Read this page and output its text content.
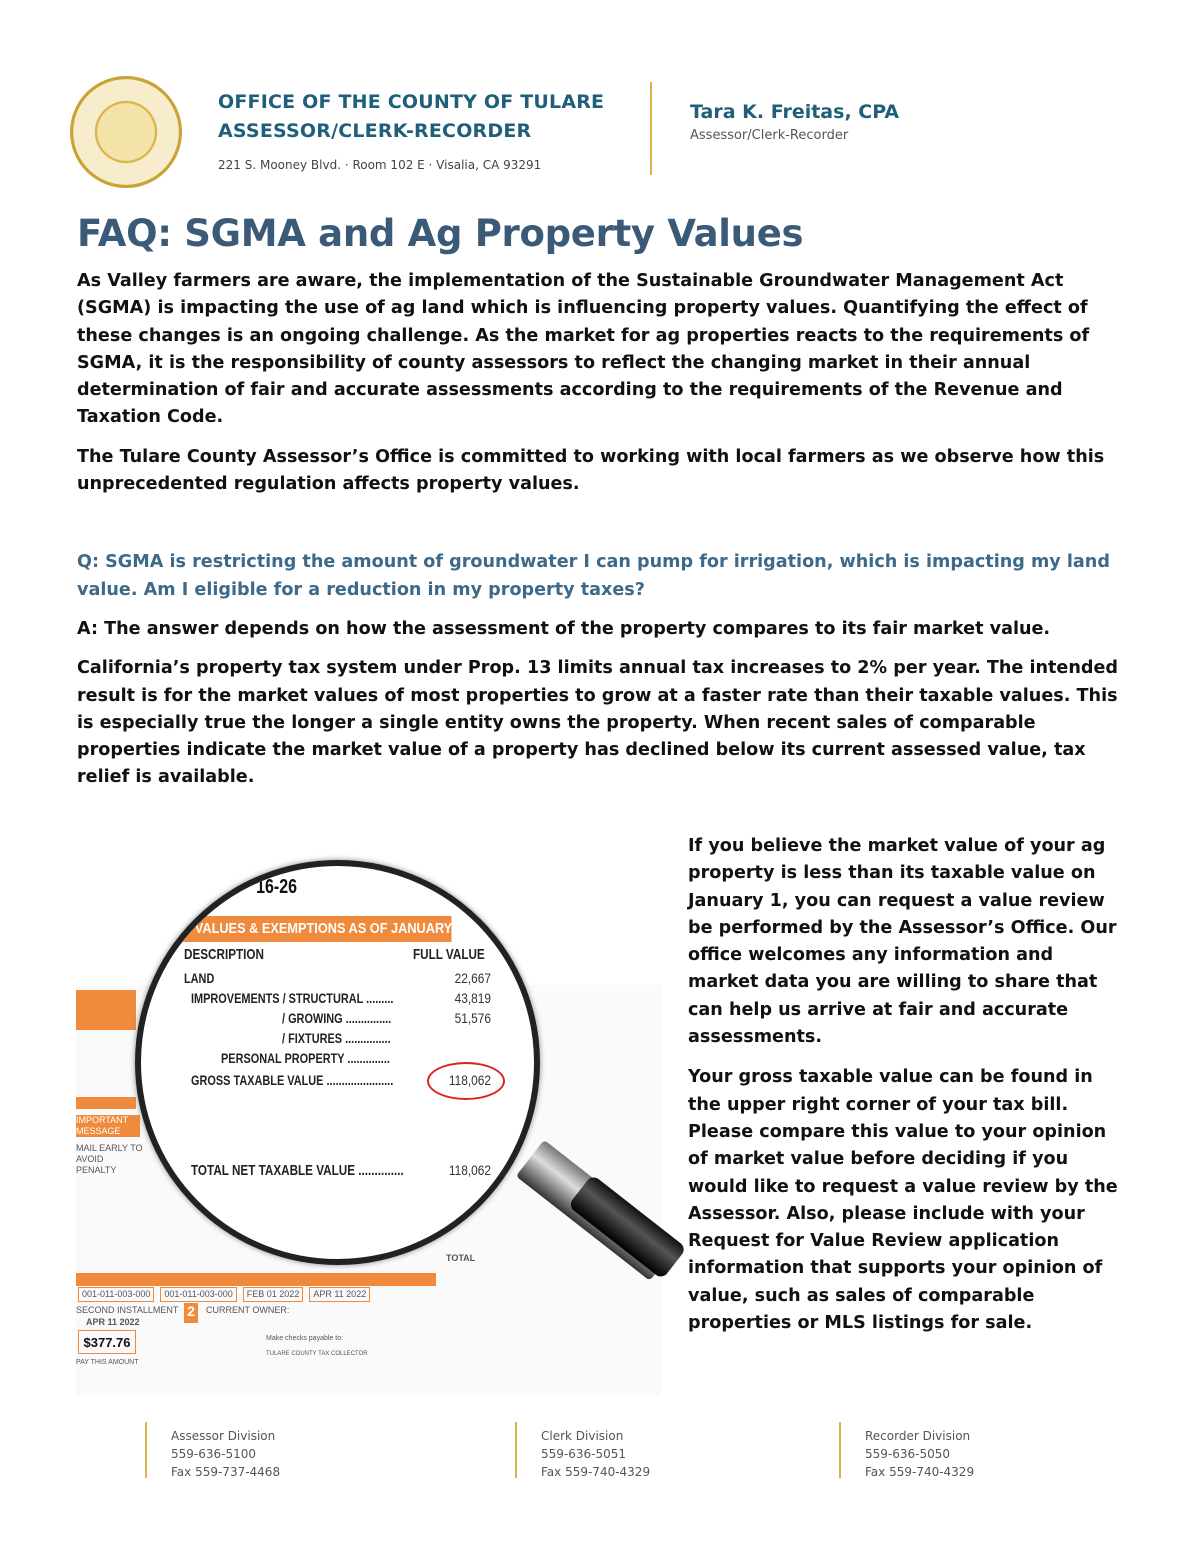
OFFICE OF THE COUNTY OF TULARE
ASSESSOR/CLERK-RECORDER
221 S. Mooney Blvd. · Room 102 E · Visalia, CA 93291
Tara K. Freitas, CPA
Assessor/Clerk-Recorder
FAQ: SGMA and Ag Property Values

As Valley farmers are aware, the implementation of the Sustainable Groundwater Management Act (SGMA) is impacting the use of ag land which is influencing property values. Quantifying the effect of these changes is an ongoing challenge. As the market for ag properties reacts to the requirements of SGMA, it is the responsibility of county assessors to reflect the changing market in their annual determination of fair and accurate assessments according to the requirements of the Revenue and Taxation Code.

The Tulare County Assessor’s Office is committed to working with local farmers as we observe how this unprecedented regulation affects property values.

Q: SGMA is restricting the amount of groundwater I can pump for irrigation, which is impacting my land value. Am I eligible for a reduction in my property taxes?

A: The answer depends on how the assessment of the property compares to its fair market value.

California’s property tax system under Prop. 13 limits annual tax increases to 2% per year. The intended result is for the market values of most properties to grow at a faster rate than their taxable values. This is especially true the longer a single entity owns the property. When recent sales of comparable properties indicate the market value of a property has declined below its current assessed value, tax relief is available.

If you believe the market value of your ag property is less than its taxable value on January 1, you can request a value review be performed by the Assessor’s Office. Our office welcomes any information and market data you are willing to share that can help us arrive at fair and accurate assessments.

Your gross taxable value can be found in the upper right corner of your tax bill. Please compare this value to your opinion of market value before deciding if you would like to request a value review by the Assessor. Also, please include with your Request for Value Review application information that supports your opinion of value, such as sales of comparable properties or MLS listings for sale.

IMPORTANT MESSAGE
MAIL EARLY TO AVOID PENALTY
TOTAL
001-011-003-000	001-011-003-000	FEB 01 2022	APR 11 2022
SECOND INSTALLMENT 2	CURRENT OWNER:
APR 11 2022
$377.76
PAY THIS AMOUNT
Make checks payable to:
TULARE COUNTY TAX COLLECTOR
16-26
VALUES & EXEMPTIONS AS OF JANUARY 1, 2021
DESCRIPTION	FULL VALUE
LAND	22,667
IMPROVEMENTS / STRUCTURAL .........	43,819
/ GROWING ...............	51,576
/ FIXTURES ...............
PERSONAL PROPERTY ..............
GROSS TAXABLE VALUE ......................	118,062
TOTAL NET TAXABLE VALUE ..............	118,062
Assessor Division
559-636-5100
Fax 559-737-4468
Clerk Division
559-636-5051
Fax 559-740-4329
Recorder Division
559-636-5050
Fax 559-740-4329
